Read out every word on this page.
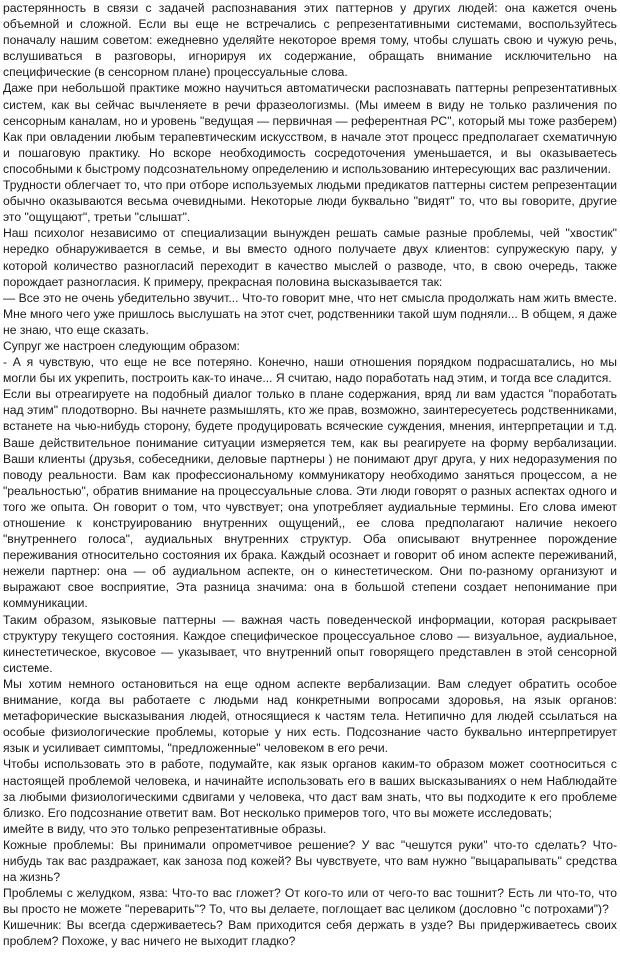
растерянность в связи с задачей распознавания этих паттернов у других людей: она кажется очень объемной и сложной. Если вы еще не встречались с репрезентативными системами, воспользуйтесь поначалу нашим советом: ежедневно уделяйте некоторое время тому, чтобы слушать свою и чужую речь, вслушиваться в разговоры, игнорируя их содержание, обращать внимание исключительно на специфические (в сенсорном плане) процессуальные слова.

Даже при небольшой практике можно научиться автоматически распознавать паттерны репрезентативных систем, как вы сейчас вычленяете в речи фразеологизмы. (Мы имеем в виду не только различения по сенсорным каналам, но и уровень "ведущая — первичная — референтная РС", который мы тоже разберем) Как при овладении любым терапевтическим искусством, в начале этот процесс предполагает схематичную и пошаговую практику. Но вскоре необходимость сосредоточения уменьшается, и вы оказываетесь способными к быстрому подсознательному определению и использованию интересующих вас различении.

Трудности облегчает то, что при отборе используемых людьми предикатов паттерны систем репрезентации обычно оказываются весьма очевидными. Некоторые люди буквально "видят" то, что вы говорите, другие это "ощущают", третьи "слышат".

Наш психолог независимо от специализации вынужден решать самые разные проблемы, чей "хвостик" нередко обнаруживается в семье, и вы вместо одного получаете двух клиентов: супружескую пару, у которой количество разногласий переходит в качество мыслей о разводе, что, в свою очередь, также порождает разногласия. К примеру, прекрасная половина высказывается так:

— Все это не очень убедительно звучит... Что-то говорит мне, что нет смысла продолжать нам жить вместе. Мне много чего уже пришлось выслушать на этот счет, родственники такой шум подняли... В общем, я даже не знаю, что еще сказать.

Супруг же настроен следующим образом:

- А я чувствую, что еще не все потеряно. Конечно, наши отношения порядком подрасшатались, но мы могли бы их укрепить, построить как-то иначе... Я считаю, надо поработать над этим, и тогда все сладится.

Если вы отреагируете на подобный диалог только в плане содержания, вряд ли вам удастся "поработать над этим" плодотворно. Вы начнете размышлять, кто же прав, возможно, заинтересуетесь родственниками, встанете на чью-нибудь сторону, будете продуцировать всяческие суждения, мнения, интерпретации и т.д. Ваше действительное понимание ситуации измеряется тем, как вы реагируете на форму вербализации. Ваши клиенты (друзья, собеседники, деловые партнеры ) не понимают друг друга, у них недоразумения по поводу реальности. Вам как профессиональному коммуникатору необходимо заняться процессом, а не "реальностью", обратив внимание на процессуальные слова. Эти люди говорят о разных аспектах одного и того же опыта. Он говорит о том, что чувствует; она употребляет аудиальные термины. Его слова имеют отношение к конструированию внутренних ощущений,, ее слова предполагают наличие некоего "внутреннего голоса", аудиальных внутренних структур. Оба описывают внутреннее порождение переживания относительно состояния их брака. Каждый осознает и говорит об ином аспекте переживаний, нежели партнер: она — об аудиальном аспекте, он о кинестетическом. Они по-разному организуют и выражают свое восприятие, Эта разница значима: она в большой степени создает непонимание при коммуникации.

Таким образом, языковые паттерны — важная часть поведенческой информации, которая раскрывает структуру текущего состояния. Каждое специфическое процессуальное слово — визуальное, аудиальное, кинестетическое, вкусовое — указывает, что внутренний опыт говорящего представлен в этой сенсорной системе.

Мы хотим немного остановиться на еще одном аспекте вербализации. Вам следует обратить особое внимание, когда вы работаете с людьми над конкретными вопросами здоровья, на язык органов: метафорические высказывания людей, относящиеся к частям тела. Нетипично для людей ссылаться на особые физиологические проблемы, которые у них есть. Подсознание часто буквально интерпретирует язык и усиливает симптомы, "предложенные" человеком в его речи.

Чтобы использовать это в работе, подумайте, как язык органов каким-то образом может соотноситься с настоящей проблемой человека, и начинайте использовать его в ваших высказываниях о нем Наблюдайте за любыми физиологическими сдвигами у человека, что даст вам знать, что вы подходите к его проблеме близко. Его подсознание ответит вам. Вот несколько примеров того, что вы можете исследовать;

имейте в виду, что это только репрезентативные образы.

Кожные проблемы: Вы принимали опрометчивое решение? У вас "чешутся руки" что-то сделать? Что-нибудь так вас раздражает, как заноза под кожей? Вы чувствуете, что вам нужно "выцарапывать" средства на жизнь?

Проблемы с желудком, язва: Что-то вас гложет? От кого-то или от чего-то вас тошнит? Есть ли что-то, что вы просто не можете "переварить"? То, что вы делаете, поглощает вас целиком (дословно "с потрохами")?

Кишечник: Вы всегда сдерживаетесь? Вам приходится себя держать в узде? Вы придерживаетесь своих проблем? Похоже, у вас ничего не выходит гладко?
